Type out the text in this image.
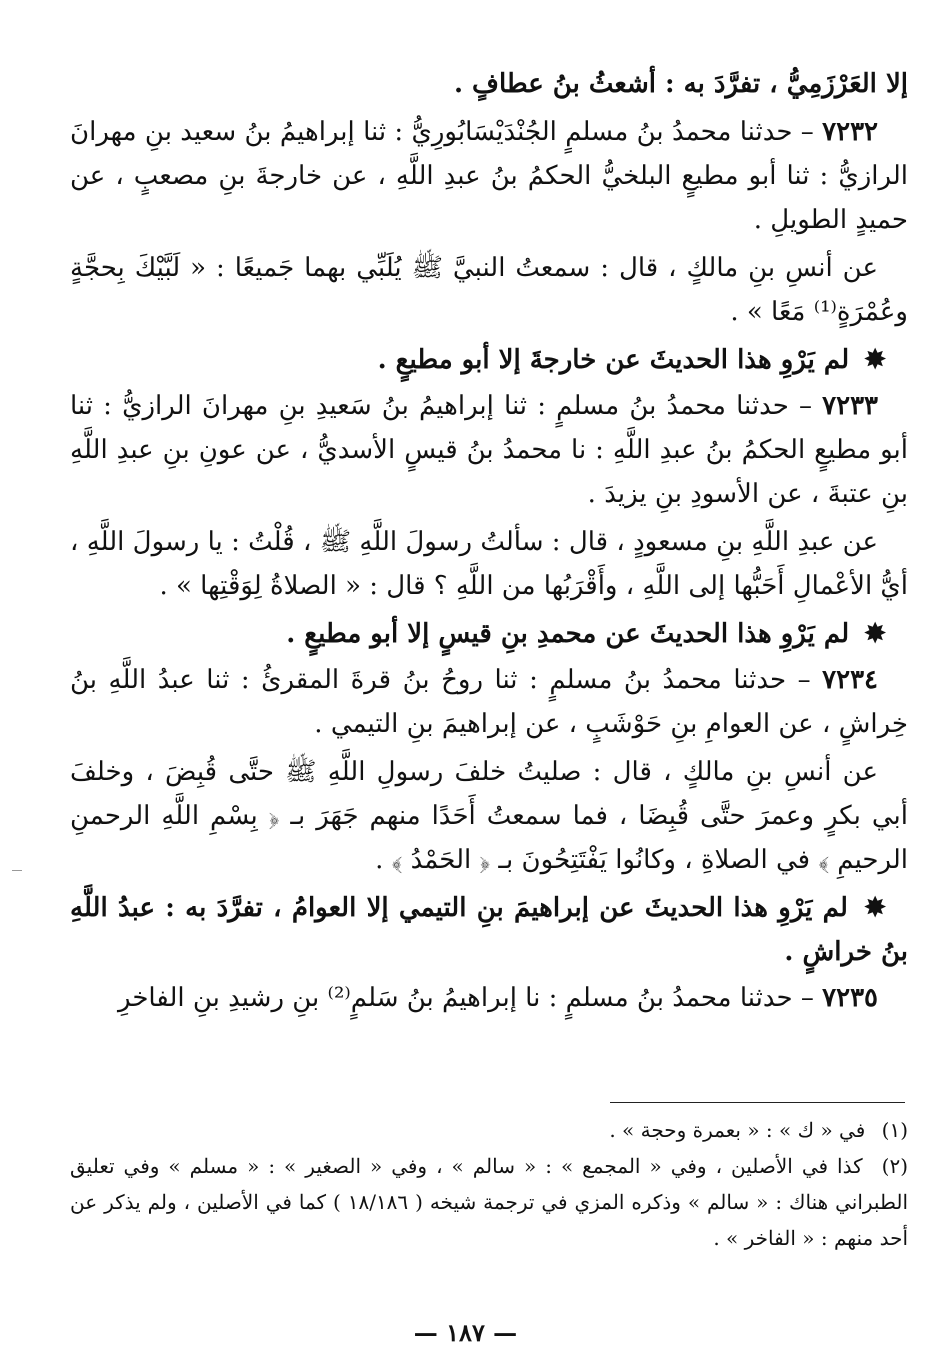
إلا العَرْزَمِيُّ ، تفرَّدَ به : أشعثُ بنُ عطافٍ .

٧٢٣٢ – حدثنا محمدُ بنُ مسلمٍ الجُنْدَيْسَابُورِيُّ : ثنا إبراهيمُ بنُ سعيد بنِ مهرانَ الرازيُّ : ثنا أبو مطيعٍ البلخيُّ الحكمُ بنُ عبدِ اللَّهِ ، عن خارجةَ بنِ مصعبٍ ، عن حميدٍ الطويلِ .

عن أنسِ بنِ مالكٍ ، قال : سمعتُ النبيَّ ﷺ يُلَبِّي بهما جَميعًا : « لَبَّيْكَ بِحجَّةٍ وعُمْرَةٍ⁽¹⁾ مَعًا » .

✸ لم يَرْوِ هذا الحديثَ عن خارجةَ إلا أبو مطيعٍ .

٧٢٣٣ – حدثنا محمدُ بنُ مسلمٍ : ثنا إبراهيمُ بنُ سَعيدِ بنِ مهرانَ الرازيُّ : ثنا أبو مطيعٍ الحكمُ بنُ عبدِ اللَّهِ : نا محمدُ بنُ قيسٍ الأسديُّ ، عن عونِ بنِ عبدِ اللَّهِ بنِ عتبةَ ، عن الأسودِ بنِ يزيدَ .

عن عبدِ اللَّهِ بنِ مسعودٍ ، قال : سألتُ رسولَ اللَّهِ ﷺ ، قُلْتُ : يا رسولَ اللَّهِ ، أيُّ الأعْمالِ أَحَبُّها إلى اللَّهِ ، وأَقْرَبُها من اللَّهِ ؟ قال : « الصلاةُ لِوَقْتِها » .

✸ لم يَرْوِ هذا الحديثَ عن محمدِ بنِ قيسٍ إلا أبو مطيعٍ .

٧٢٣٤ – حدثنا محمدُ بنُ مسلمٍ : ثنا روحُ بنُ قرةَ المقرئُ : ثنا عبدُ اللَّهِ بنُ خِراشٍ ، عن العوامِ بنِ حَوْشَبٍ ، عن إبراهيمَ بنِ التيمي .

عن أنسِ بنِ مالكٍ ، قال : صليتُ خلفَ رسولِ اللَّهِ ﷺ حتَّى قُبِضَ ، وخلفَ أبي بكرٍ وعمرَ حتَّى قُبِضَا ، فما سمعتُ أَحَدًا منهم جَهَرَ بـ ﴿ بِسْمِ اللَّهِ الرحمنِ الرحيمِ ﴾ في الصلاةِ ، وكانُوا يَفْتَتِحُونَ بـ ﴿ الحَمْدُ ﴾ .

✸ لم يَرْوِ هذا الحديثَ عن إبراهيمَ بنِ التيمي إلا العوامُ ، تفرَّدَ به : عبدُ اللَّهِ بنُ خراشٍ .

٧٢٣٥ – حدثنا محمدُ بنُ مسلمٍ : نا إبراهيمُ بنُ سَلمٍ⁽²⁾ بنِ رشيدِ بنِ الفاخرِ

(١) في « ك » : « بعمرة وحجة » .

(٢) كذا في الأصلين ، وفي « المجمع » : « سالم » ، وفي « الصغير » : « مسلم » وفي تعليق الطبراني هناك : « سالم » وذكره المزي في ترجمة شيخه ( ١٨/١٨٦ ) كما في الأصلين ، ولم يذكر عن أحد منهم : « الفاخر » .

— ١٨٧ —
